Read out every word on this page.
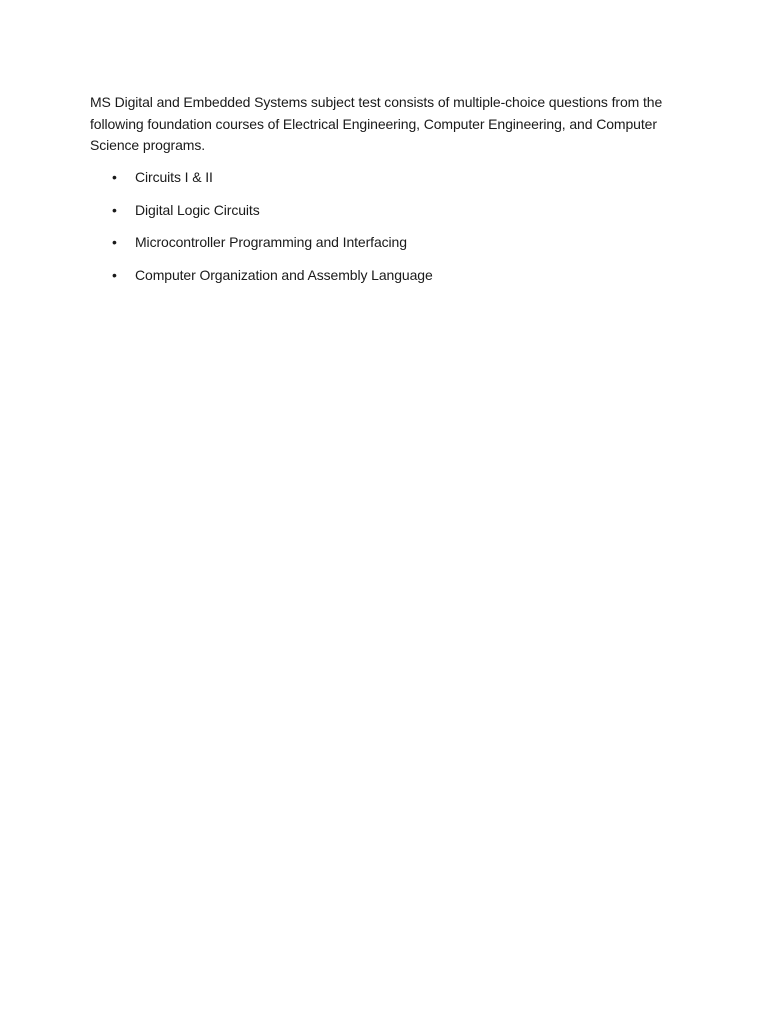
MS Digital and Embedded Systems subject test consists of multiple-choice questions from the following foundation courses of Electrical Engineering, Computer Engineering, and Computer Science programs.

• Circuits I & II
• Digital Logic Circuits
• Microcontroller Programming and Interfacing
• Computer Organization and Assembly Language
